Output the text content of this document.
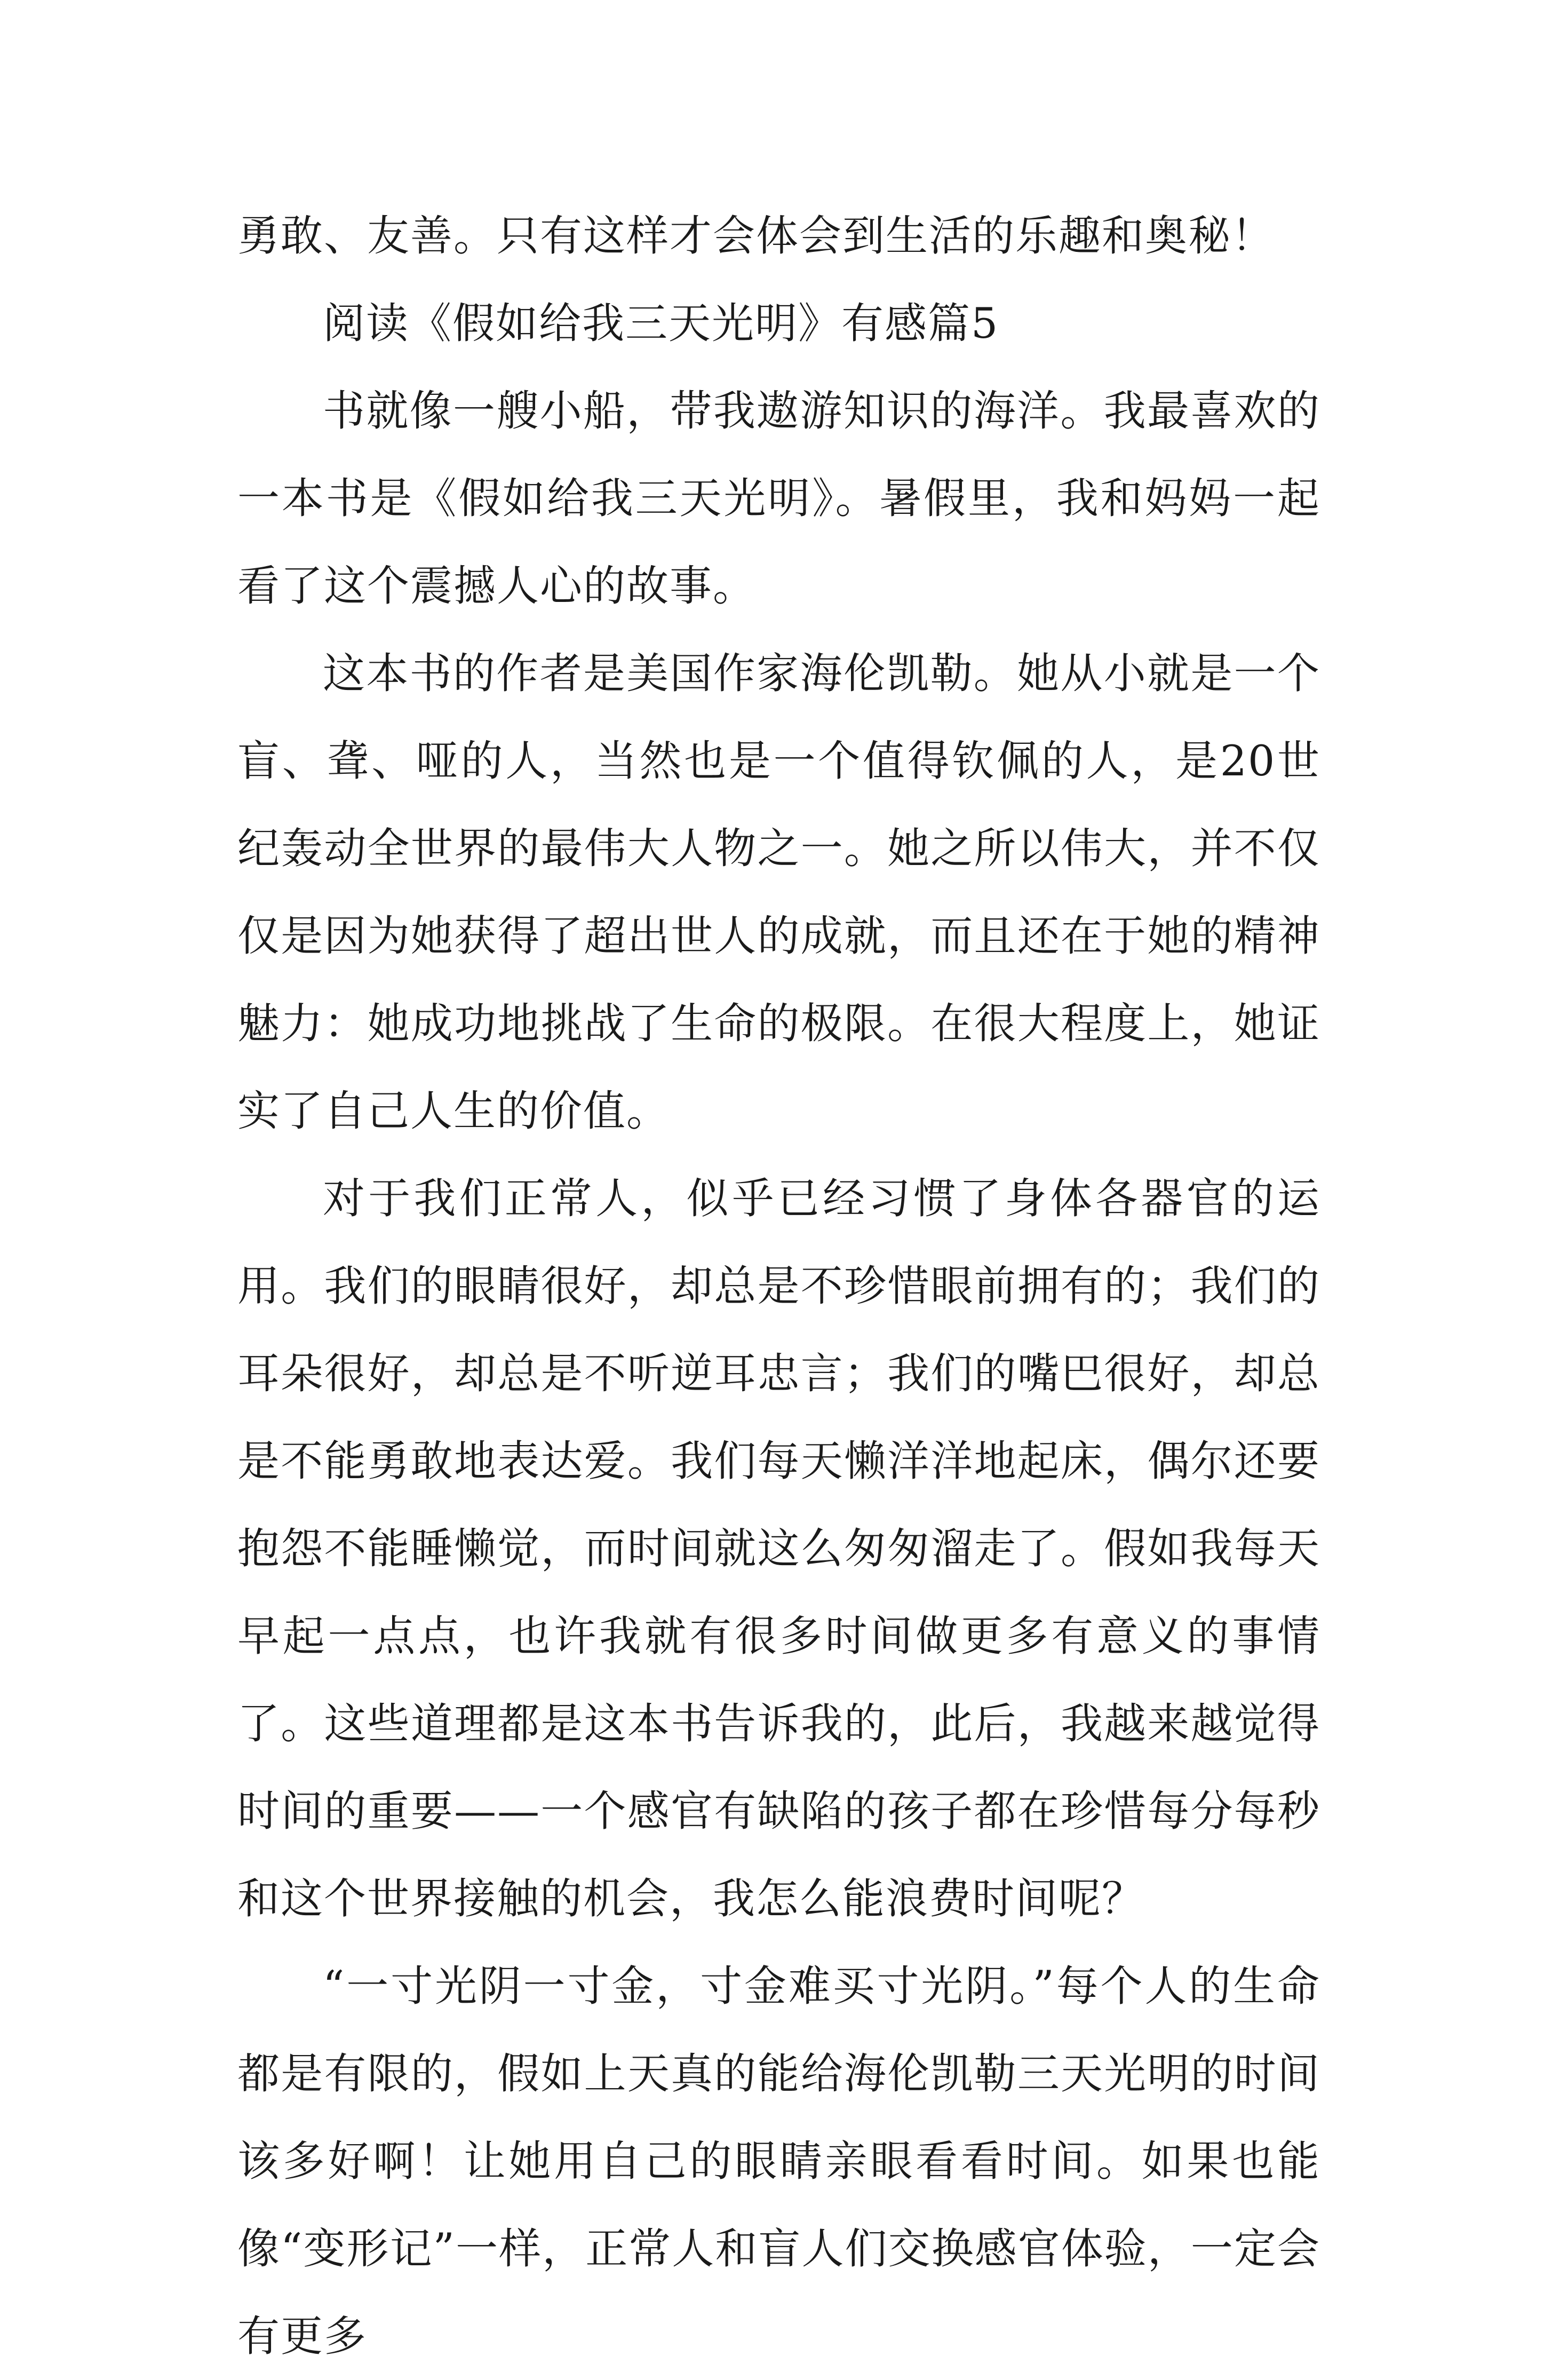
勇敢、友善。只有这样才会体会到生活的乐趣和奥秘！

阅读《假如给我三天光明》有感篇5

书就像一艘小船，带我遨游知识的海洋。我最喜欢的一本书是《假如给我三天光明》。暑假里，我和妈妈一起看了这个震撼人心的故事。

这本书的作者是美国作家海伦凯勒。她从小就是一个盲、聋、哑的人，当然也是一个值得钦佩的人，是20世纪轰动全世界的最伟大人物之一。她之所以伟大，并不仅仅是因为她获得了超出世人的成就，而且还在于她的精神魅力：她成功地挑战了生命的极限。在很大程度上，她证实了自己人生的价值。

对于我们正常人，似乎已经习惯了身体各器官的运用。我们的眼睛很好，却总是不珍惜眼前拥有的；我们的耳朵很好，却总是不听逆耳忠言；我们的嘴巴很好，却总是不能勇敢地表达爱。我们每天懒洋洋地起床，偶尔还要抱怨不能睡懒觉，而时间就这么匆匆溜走了。假如我每天早起一点点，也许我就有很多时间做更多有意义的事情了。这些道理都是这本书告诉我的，此后，我越来越觉得时间的重要——一个感官有缺陷的孩子都在珍惜每分每秒和这个世界接触的机会，我怎么能浪费时间呢？

“一寸光阴一寸金，寸金难买寸光阴。”每个人的生命都是有限的，假如上天真的能给海伦凯勒三天光明的时间该多好啊！让她用自己的眼睛亲眼看看时间。如果也能像“变形记”一样，正常人和盲人们交换感官体验，一定会有更多
